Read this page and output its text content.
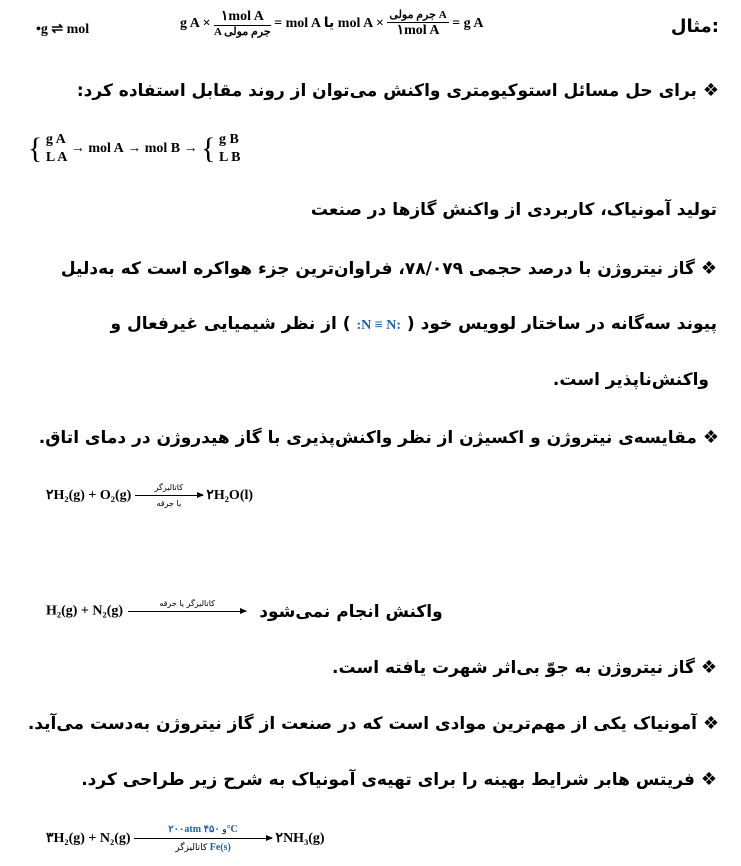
مثال:
•g ⇌ mol	g $A \times \frac{\text{۱mol A}}{\text{A جرم مولی}}$ = mol A یا mol $A \times \frac{\text{جرم مولی A}}{\text{۱mol A}} = g$ A
❖ برای حل مسائل استوکیومتری واکنش می‌توان از روند مقابل استفاده کرد:
{ g A
L A
→ mol A → mol B → { g B
L B
تولید آمونیاک، کاربردی از واکنش گازها در صنعت
❖ گاز نیتروژن با درصد حجمی ۷۸/۰۷۹، فراوان‌ترین جزء هواکره است که به‌دلیل
پیوند سه‌گانه در ساختار لوویس خود ( :N ≡ N: ) از نظر شیمیایی غیرفعال و
واکنش‌ناپذیر است.
❖ مقایسه‌ی نیتروژن و اکسیژن از نظر واکنش‌پذیری با گاز هیدروژن در دمای اتاق.
۲H₂(g) + O₂(g)
کاتالیزگر
یا جرقه
۲H₂O(l)
H₂(g) + N₂(g)	کاتالیزگر یا جرقه	واکنش انجام نمی‌شود
❖ گاز نیتروژن به جوّ بی‌اثر شهرت یافته است.
❖ آمونیاک یکی از مهم‌ترین موادی است که در صنعت از گاز نیتروژن به‌دست می‌آید.
❖ فریتس هابر شرایط بهینه را برای تهیه‌ی آمونیاک به شرح زیر طراحی کرد.
۳H₂(g) + N₂(g)
۲۰۰atm و ۴۵۰°C
کاتالیزگر Fe(s)
۲NH₃(g)
